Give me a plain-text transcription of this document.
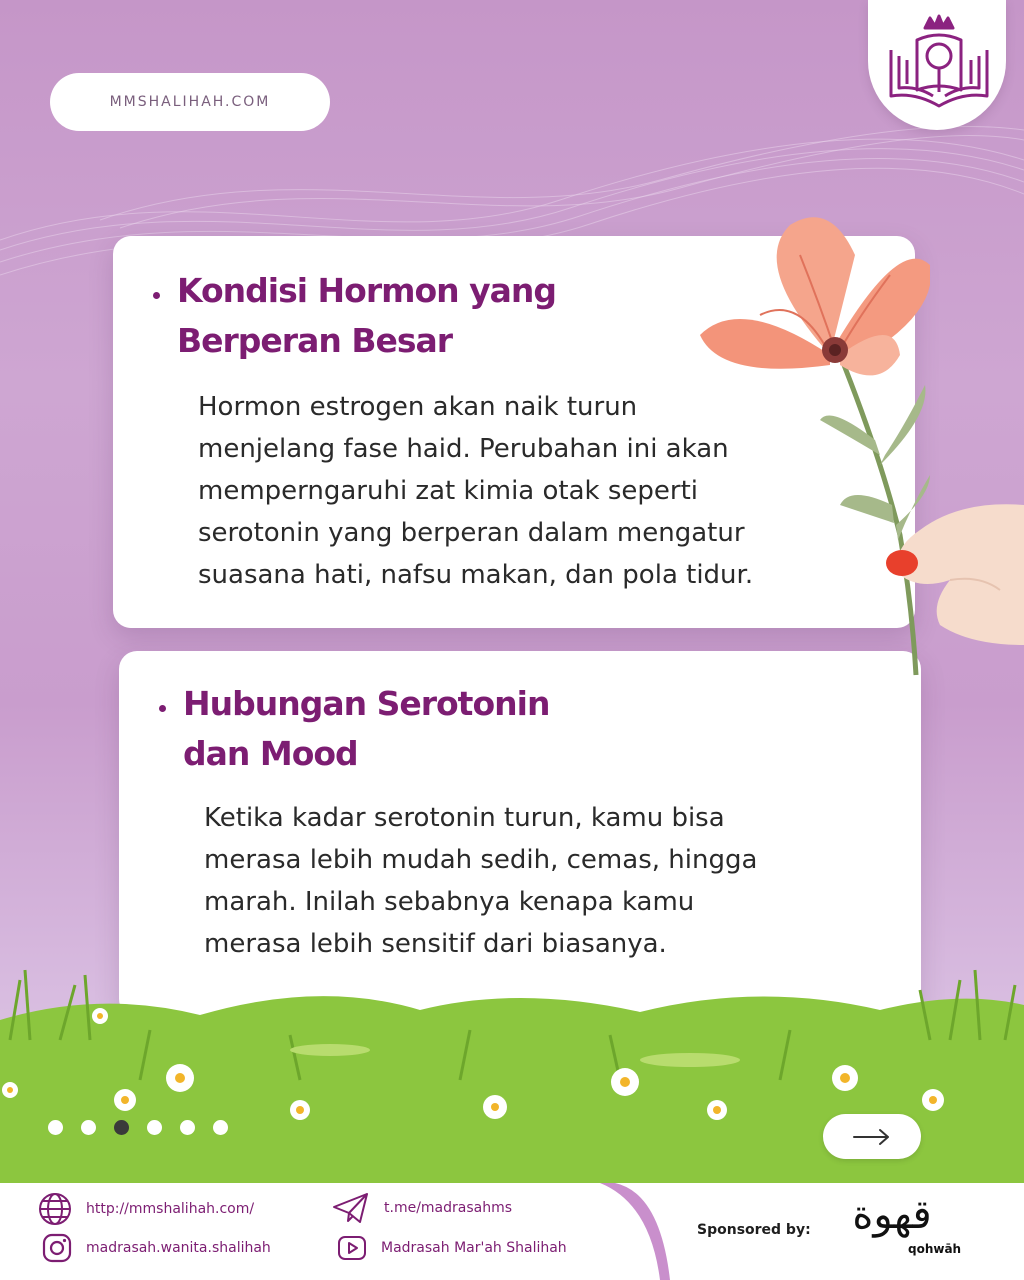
MMSHALIHAH.COM
Kondisi Hormon yang
Berperan Besar
Hormon estrogen akan naik turun
menjelang fase haid. Perubahan ini akan
memperngaruhi zat kimia otak seperti
serotonin yang berperan dalam mengatur
suasana hati, nafsu makan, dan pola tidur.
Hubungan Serotonin
dan Mood
Ketika kadar serotonin turun, kamu bisa
merasa lebih mudah sedih, cemas, hingga
marah. Inilah sebabnya kenapa kamu
merasa lebih sensitif dari biasanya.
http://mmshalihah.com/
madrasah.wanita.shalihah
t.me/madrasahms
Madrasah Mar'ah Shalihah
Sponsored by:	قهوة
qohwāh
